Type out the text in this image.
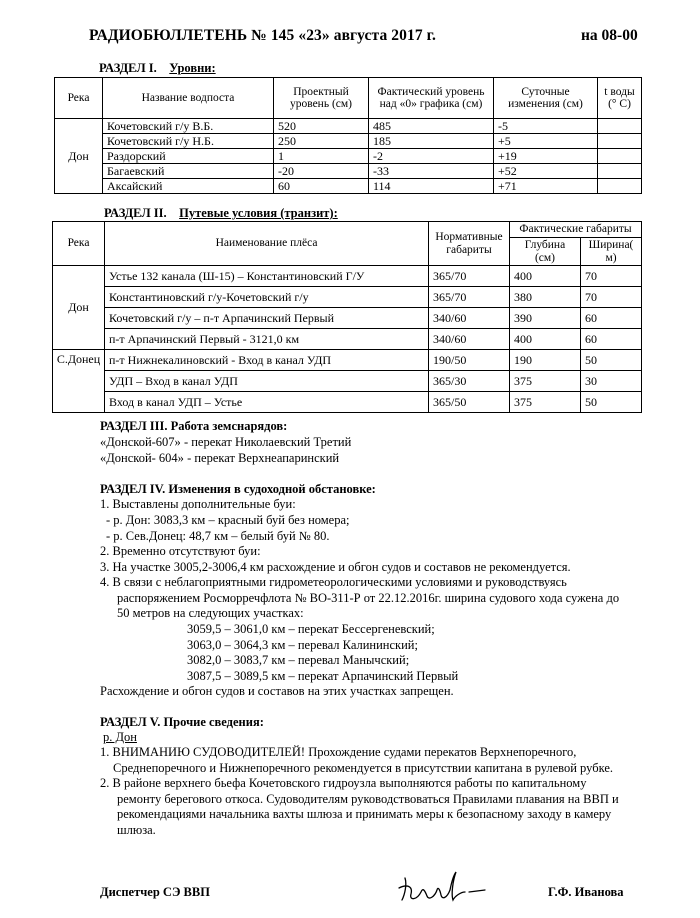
РАДИОБЮЛЛЕТЕНЬ № 145 «23» августа 2017 г.	на 08-00
РАЗДЕЛ I. Уровни:
Река	Название водпоста	Проектный уровень (см)	Фактический уровень над «0» графика (см)	Суточные изменения (см)	t воды (° С)
Дон	Кочетовский г/у В.Б.	520	485	-5	
	Кочетовский г/у Н.Б.	250	185	+5	
	Раздорский	1	-2	+19	
	Багаевский	-20	-33	+52	
	Аксайский	60	114	+71	
РАЗДЕЛ II. Путевые условия (транзит):
Река	Наименование плёса	Нормативные габариты	Фактические габариты	
			Глубина (см)	Ширина( м)
Дон	Устье 132 канала (Ш-15) – Константиновский Г/У	365/70	400	70
	Константиновский г/у-Кочетовский г/у	365/70	380	70
	Кочетовский г/у – п-т Арпачинский Первый	340/60	390	60
	п-т Арпачинский Первый - 3121,0 км	340/60	400	60
С.Донец	п-т Нижнекалиновский - Вход в канал УДП	190/50	190	50
	УДП – Вход в канал УДП	365/30	375	30
	Вход в канал УДП – Устье	365/50	375	50
РАЗДЕЛ III. Работа земснарядов:
«Донской-607» - перекат Николаевский Третий
«Донской- 604» - перекат Верхнеапаринский
РАЗДЕЛ IV. Изменения в судоходной обстановке:
1. Выставлены дополнительные буи:
- р. Дон: 3083,3 км – красный буй без номера;
- р. Сев.Донец: 48,7 км – белый буй № 80.
2. Временно отсутствуют буи:
3. На участке 3005,2-3006,4 км расхождение и обгон судов и составов не рекомендуется.
4. В связи с неблагоприятными гидрометеорологическими условиями и руководствуясь
распоряжением Росморречфлота № ВО-311-Р от 22.12.2016г. ширина судового хода сужена до
50 метров на следующих участках:
3059,5 – 3061,0 км – перекат Бессергеневский;
3063,0 – 3064,3 км – перевал Калининский;
3082,0 – 3083,7 км – перевал Манычский;
3087,5 – 3089,5 км – перекат Арпачинский Первый
Расхождение и обгон судов и составов на этих участках запрещен.
РАЗДЕЛ V. Прочие сведения:
р. Дон
1. ВНИМАНИЮ СУДОВОДИТЕЛЕЙ! Прохождение судами перекатов Верхнепоречного,
Среднепоречного и Нижнепоречного рекомендуется в присутствии капитана в рулевой рубке.
2. В районе верхнего бьефа Кочетовского гидроузла выполняются работы по капитальному
ремонту берегового откоса. Судоводителям руководствоваться Правилами плавания на ВВП и
рекомендациями начальника вахты шлюза и принимать меры к безопасному заходу в камеру
шлюза.
Диспетчер СЭ ВВП	Г.Ф. Иванова
